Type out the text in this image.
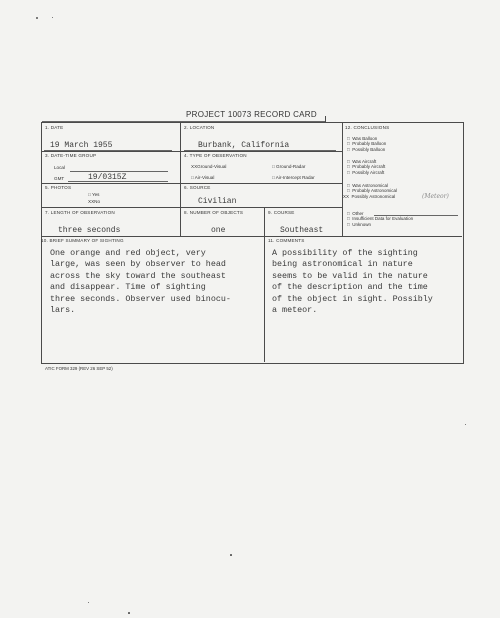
PROJECT 10073 RECORD CARD
1. DATE
19 March 1955
2. LOCATION
Burbank, California
3. DATE-TIME GROUP
Local
GMT	19/0315Z
4. TYPE OF OBSERVATION
XXGround-Visual	□ Ground-Radar
□ Air-Visual	□ Air-Intercept Radar
5. PHOTOS
□ Yes
XXNo
6. SOURCE
Civilian
7. LENGTH OF OBSERVATION
three seconds
8. NUMBER OF OBJECTS
one
9. COURSE
Southeast
12. CONCLUSIONS
□  Was Balloon
□  Probably Balloon
□  Possibly Balloon
□  Was Aircraft
□  Probably Aircraft
□  Possibly Aircraft
□  Was Astronomical
□  Probably Astronomical
XX  Possibly Astronomical	(Meteor)
□  Other
□  Insufficient Data for Evaluation
□  Unknown
10. BRIEF SUMMARY OF SIGHTING
One orange and red object, very
large, was seen by observer to head
across the sky toward the southeast
and disappear. Time of sighting
three seconds. Observer used binocu-
lars.
11. COMMENTS
A possibility of the sighting
being astronomical in nature
seems to be valid in the nature
of the description and the time
of the object in sight. Possibly
a meteor.
ATIC FORM 329 (REV 26 SEP 52)
